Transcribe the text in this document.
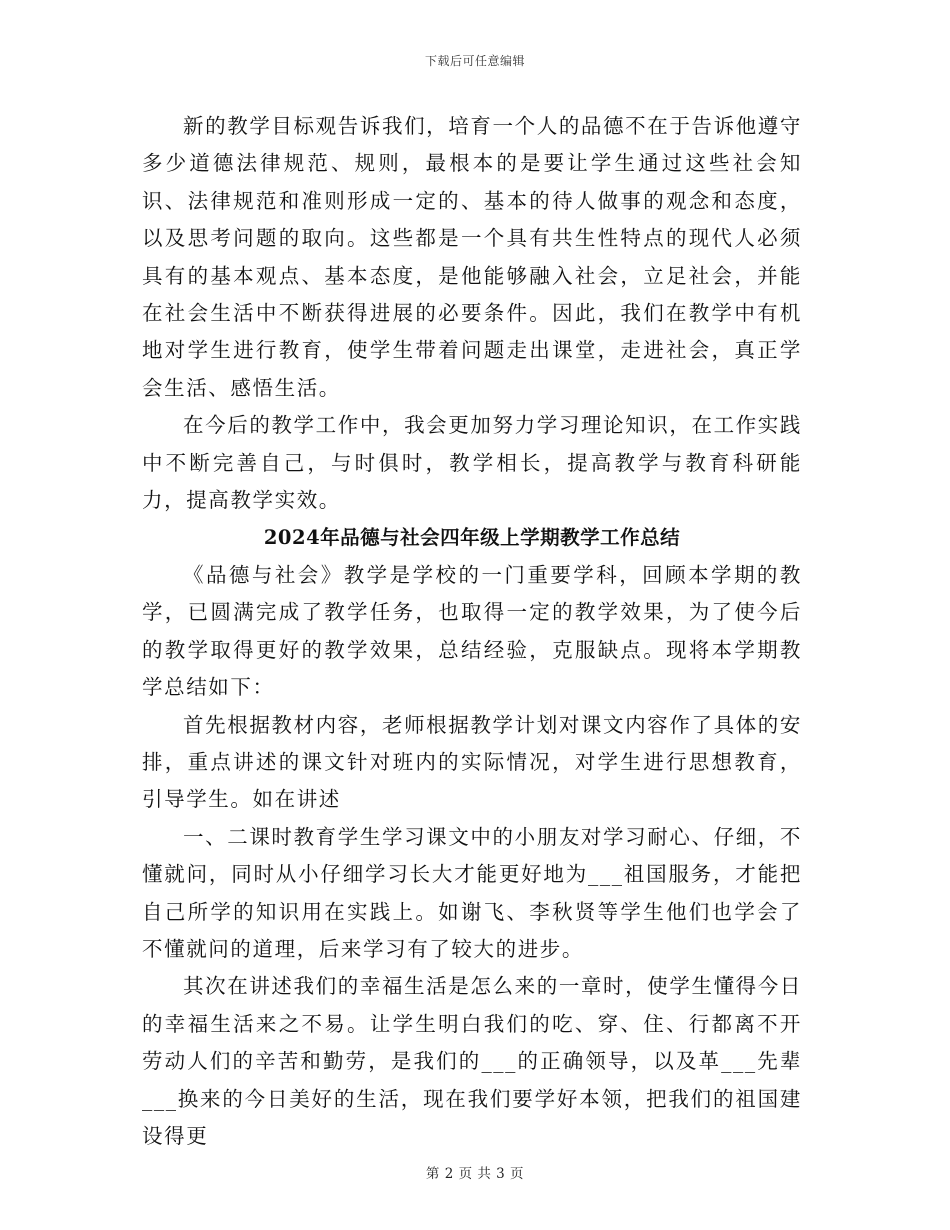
下载后可任意编辑

新的教学目标观告诉我们，培育一个人的品德不在于告诉他遵守多少道德法律规范、规则，最根本的是要让学生通过这些社会知识、法律规范和准则形成一定的、基本的待人做事的观念和态度，以及思考问题的取向。这些都是一个具有共生性特点的现代人必须具有的基本观点、基本态度，是他能够融入社会，立足社会，并能在社会生活中不断获得进展的必要条件。因此，我们在教学中有机地对学生进行教育，使学生带着问题走出课堂，走进社会，真正学会生活、感悟生活。

在今后的教学工作中，我会更加努力学习理论知识，在工作实践中不断完善自己，与时俱时，教学相长，提高教学与教育科研能力，提高教学实效。

2024年品德与社会四年级上学期教学工作总结

《品德与社会》教学是学校的一门重要学科，回顾本学期的教学，已圆满完成了教学任务，也取得一定的教学效果，为了使今后的教学取得更好的教学效果，总结经验，克服缺点。现将本学期教学总结如下：

首先根据教材内容，老师根据教学计划对课文内容作了具体的安排，重点讲述的课文针对班内的实际情况，对学生进行思想教育，引导学生。如在讲述

一、二课时教育学生学习课文中的小朋友对学习耐心、仔细，不懂就问，同时从小仔细学习长大才能更好地为___祖国服务，才能把自己所学的知识用在实践上。如谢飞、李秋贤等学生他们也学会了不懂就问的道理，后来学习有了较大的进步。

其次在讲述我们的幸福生活是怎么来的一章时，使学生懂得今日的幸福生活来之不易。让学生明白我们的吃、穿、住、行都离不开劳动人们的辛苦和勤劳，是我们的___的正确领导，以及革___先辈___换来的今日美好的生活，现在我们要学好本领，把我们的祖国建设得更

第 2 页 共 3 页
